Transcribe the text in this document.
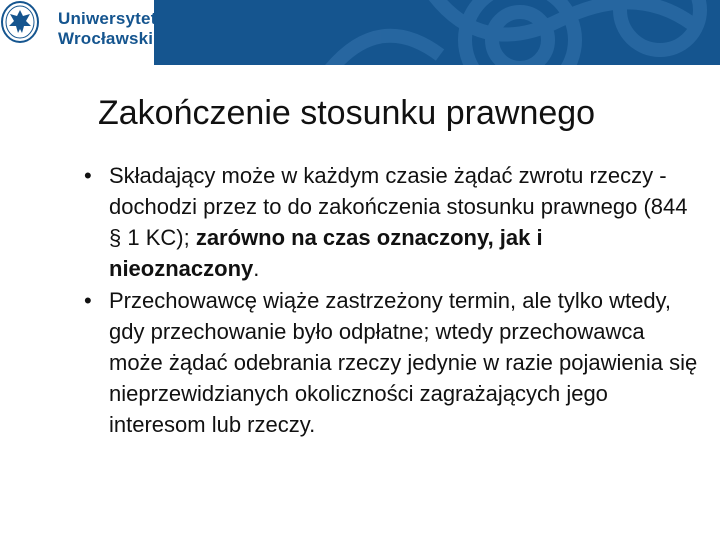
Uniwersytet
Wrocławski
Zakończenie stosunku prawnego
• Składający może w każdym czasie żądać zwrotu rzeczy - dochodzi przez to do zakończenia stosunku prawnego (844 § 1 KC); zarówno na czas oznaczony, jak i nieoznaczony.
• Przechowawcę wiąże zastrzeżony termin, ale tylko wtedy, gdy przechowanie było odpłatne; wtedy przechowawca może żądać odebrania rzeczy jedynie w razie pojawienia się nieprzewidzianych okoliczności zagrażających jego interesom lub rzeczy.
